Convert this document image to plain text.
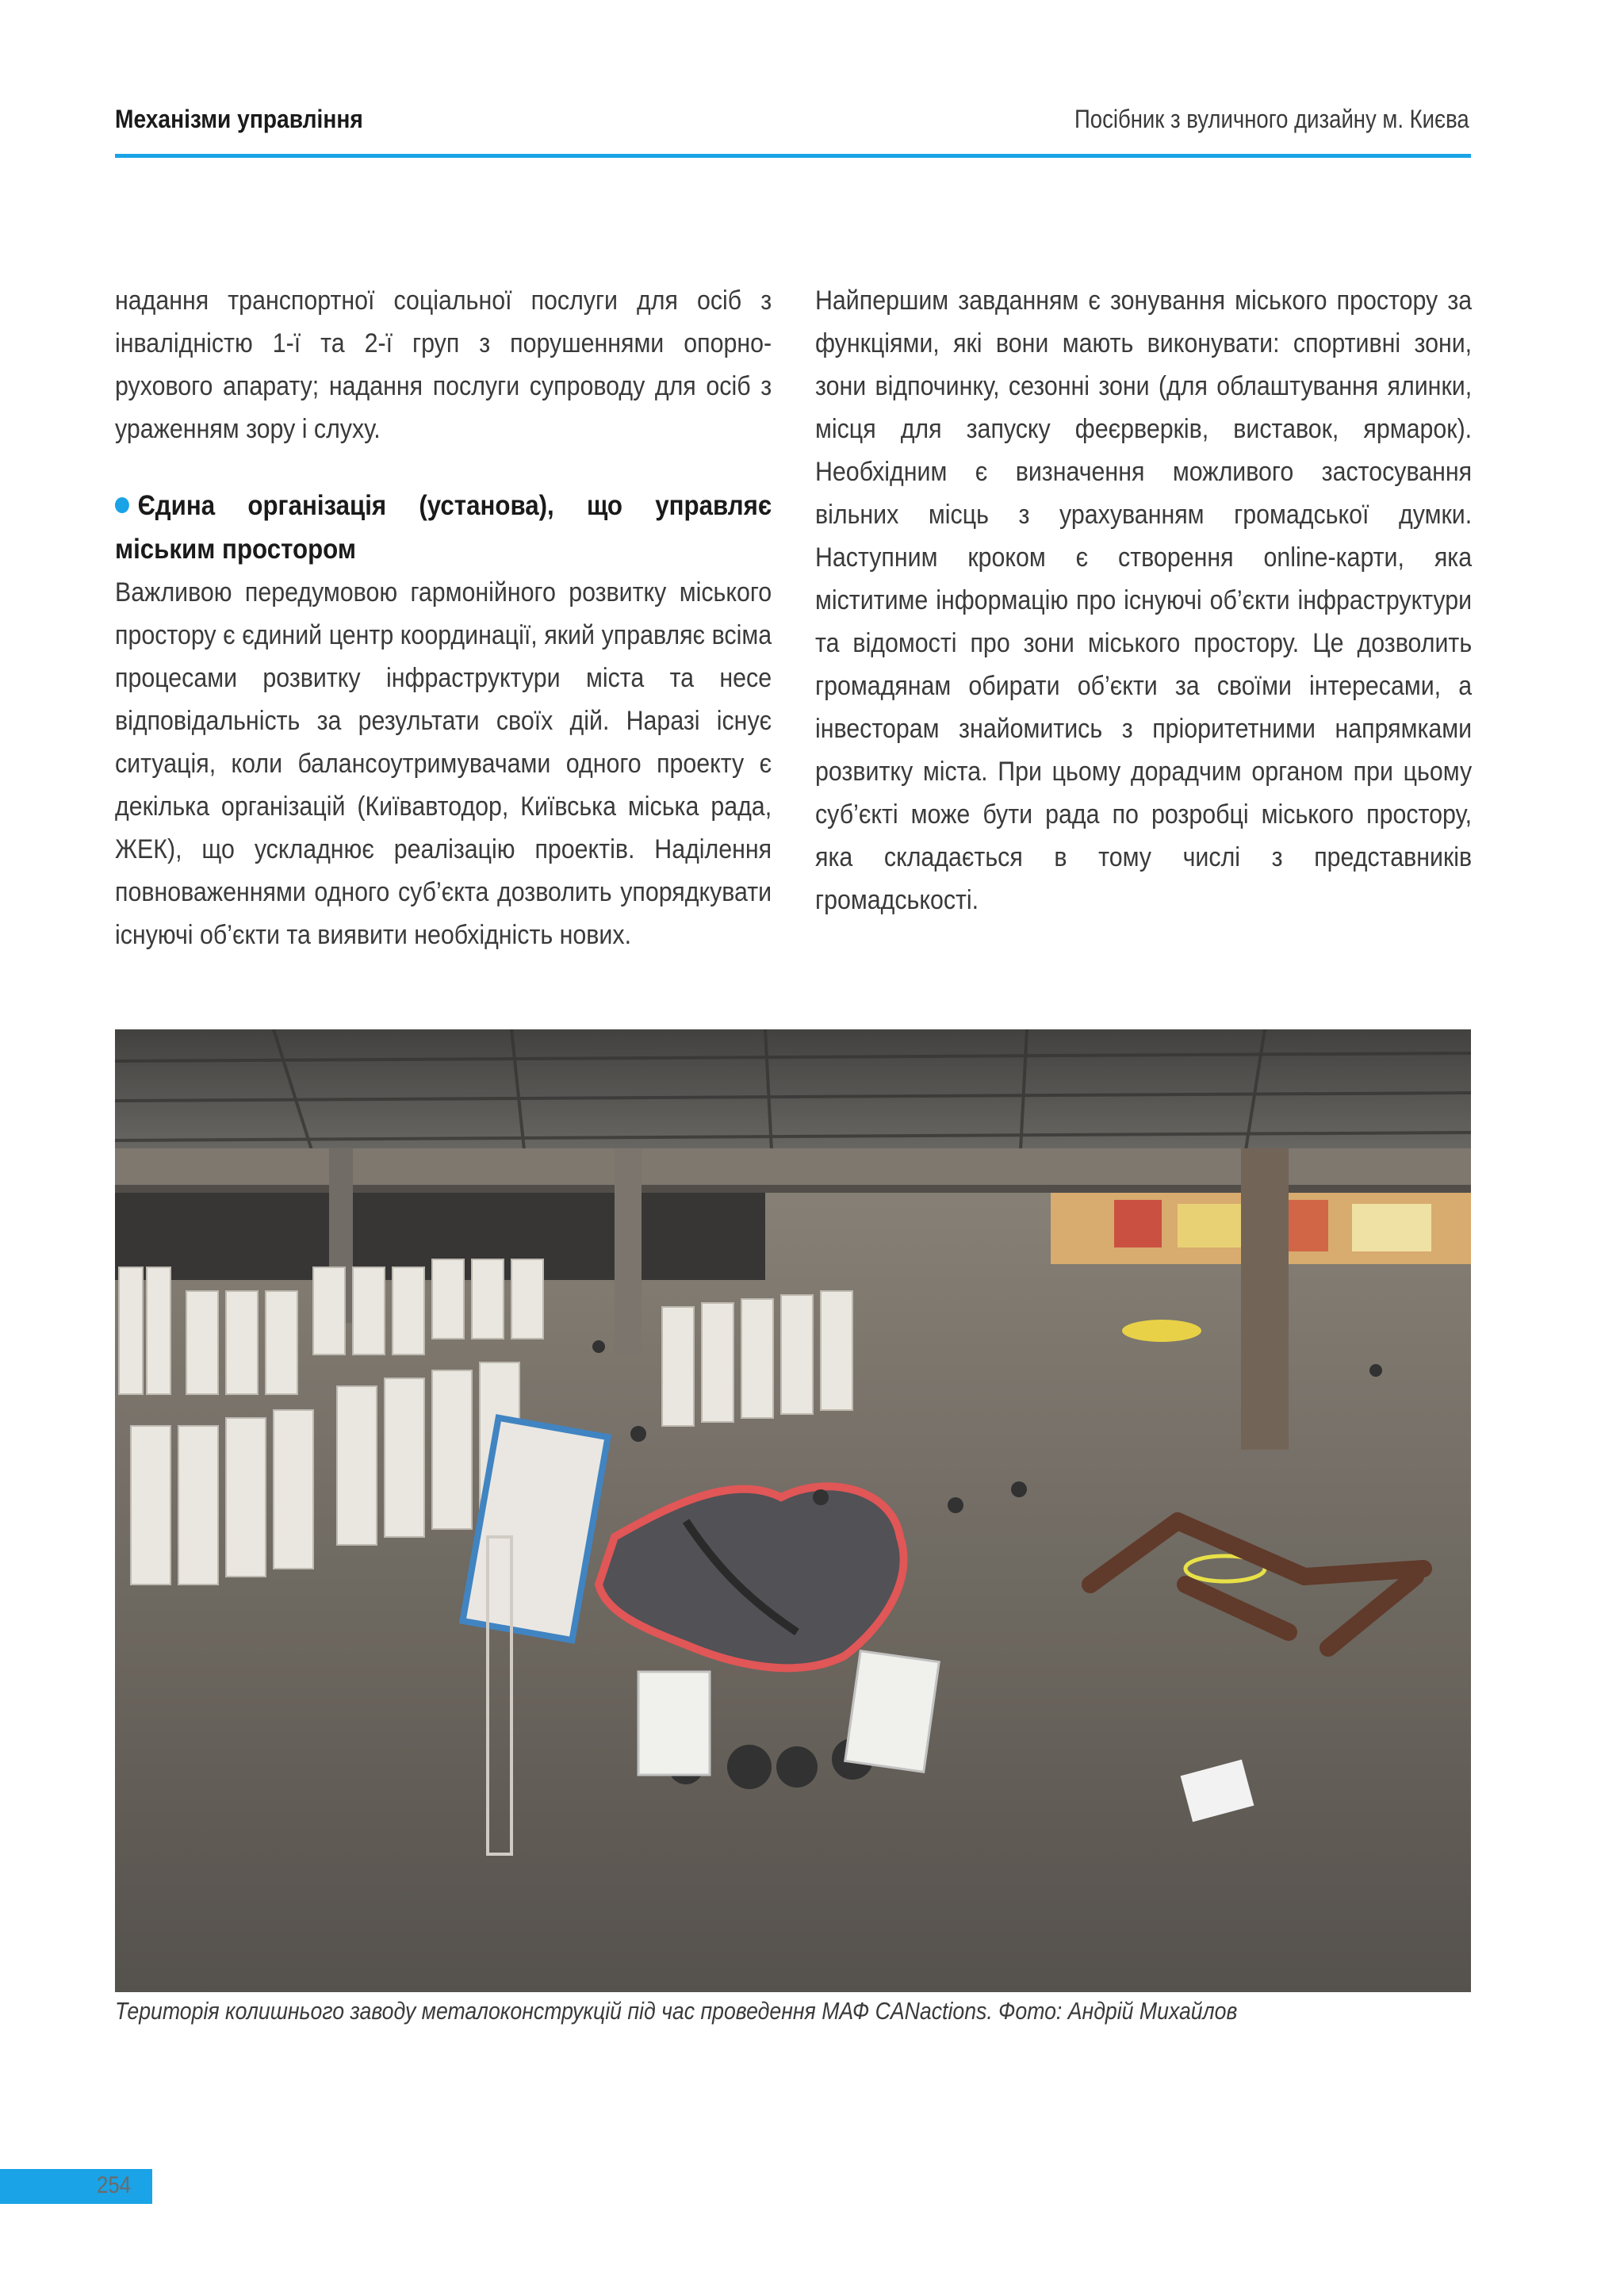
Механізми управління	Посібник з вуличного дизайну м. Києва

надання транспортної соціальної послуги для осіб з інвалідністю 1-ї та 2-ї груп з порушеннями опорно-рухового апарату; надання послуги супроводу для осіб з ураженням зору і слуху.

Єдина організація (установа), що управляє міським простором

Важливою передумовою гармонійного розвитку міського простору є єдиний центр координації, який управляє всіма процесами розвитку інфраструктури міста та несе відповідальність за результати своїх дій. Наразі існує ситуація, коли балансоутримувачами одного проекту є декілька організацій (Київавтодор, Київська міська рада, ЖЕК), що ускладнює реалізацію проектів. Наділення повноваженнями одного суб’єкта дозволить упорядкувати існуючі об’єкти та виявити необхідність нових.

Найпершим завданням є зонування міського простору за функціями, які вони мають виконувати: спортивні зони, зони відпочинку, сезонні зони (для облаштування ялинки, місця для запуску феєрверків, виставок, ярмарок). Необхідним є визначення можливого застосування вільних місць з урахуванням громадської думки. Наступним кроком є створення online-карти, яка міститиме інформацію про існуючі об’єкти інфраструктури та відомості про зони міського простору. Це дозволить громадянам обирати об’єкти за своїми інтересами, а інвесторам знайомитись з пріоритетними напрямками розвитку міста. При цьому дорадчим органом при цьому суб’єкті може бути рада по розробці міського простору, яка складається в тому числі з представників громадськості.

Територія колишнього заводу металоконструкцій під час проведення МАФ CANactions. Фото: Андрій Михайлов
254
